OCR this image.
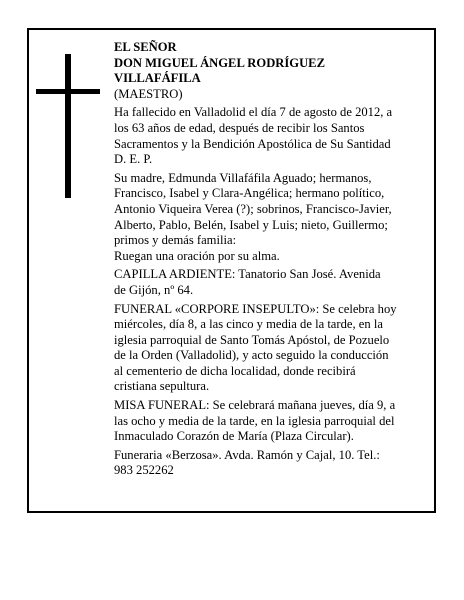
EL SEÑOR
DON MIGUEL ÁNGEL RODRÍGUEZ
VILLAFÁFILA
(MAESTRO)
Ha fallecido en Valladolid el día 7 de agosto de 2012, a
los 63 años de edad, después de recibir los Santos
Sacramentos y la Bendición Apostólica de Su Santidad
D. E. P.
Su madre, Edmunda Villafáfila Aguado; hermanos,
Francisco, Isabel y Clara-Angélica; hermano político,
Antonio Viqueira Verea (?); sobrinos, Francisco-Javier,
Alberto, Pablo, Belén, Isabel y Luis; nieto, Guillermo;
primos y demás familia:
Ruegan una oración por su alma.
CAPILLA ARDIENTE: Tanatorio San José. Avenida
de Gijón, nº 64.
FUNERAL «CORPORE INSEPULTO»: Se celebra hoy
miércoles, día 8, a las cinco y media de la tarde, en la
iglesia parroquial de Santo Tomás Apóstol, de Pozuelo
de la Orden (Valladolid), y acto seguido la conducción
al cementerio de dicha localidad, donde recibirá
cristiana sepultura.
MISA FUNERAL: Se celebrará mañana jueves, día 9, a
las ocho y media de la tarde, en la iglesia parroquial del
Inmaculado Corazón de María (Plaza Circular).
Funeraria «Berzosa». Avda. Ramón y Cajal, 10. Tel.:
983 252262
